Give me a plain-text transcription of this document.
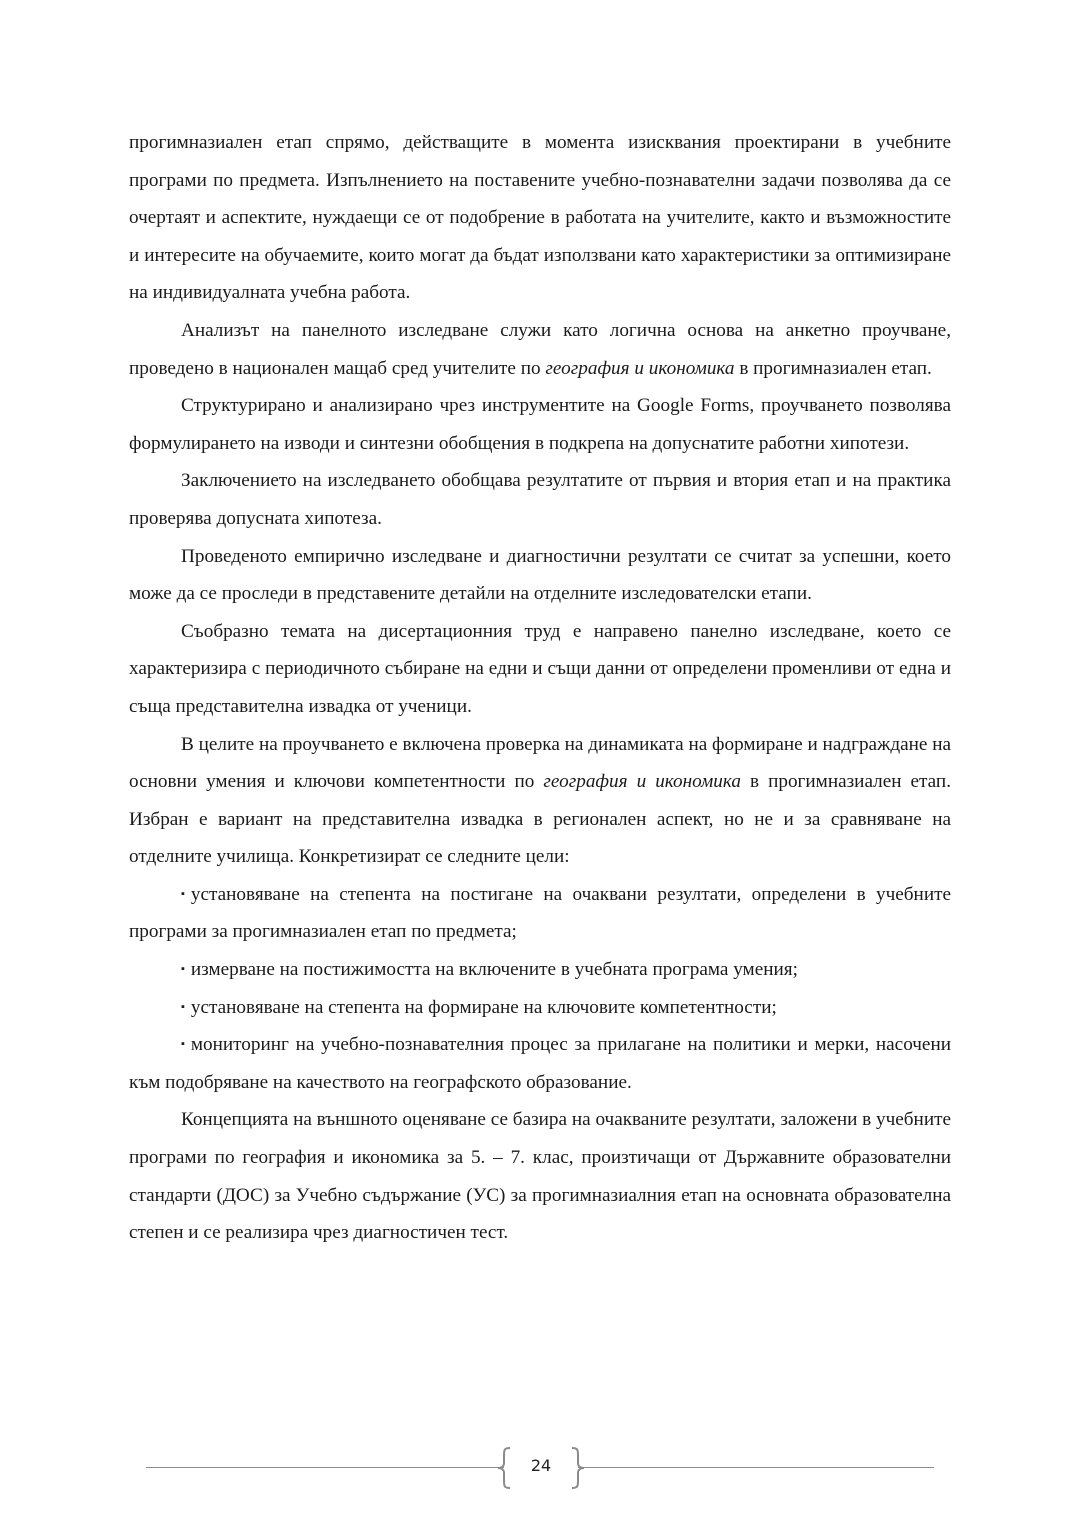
прогимназиален етап спрямо, действащите в момента изисквания проектирани в учебните програми по предмета. Изпълнението на поставените учебно-познавателни задачи позволява да се очертаят и аспектите, нуждаещи се от подобрение в работата на учителите, както и възможностите и интересите на обучаемите, които могат да бъдат използвани като характеристики за оптимизиране на индивидуалната учебна работа.

Анализът на панелното изследване служи като логична основа на анкетно проучване, проведено в национален мащаб сред учителите по география и икономика в прогимназиален етап.

Структурирано и анализирано чрез инструментите на Google Forms, проучването позволява формулирането на изводи и синтезни обобщения в подкрепа на допуснатите работни хипотези.

Заключението на изследването обобщава резултатите от първия и втория етап и на практика проверява допусната хипотеза.

Проведеното емпирично изследване и диагностични резултати се считат за успешни, което може да се проследи в представените детайли на отделните изследователски етапи.

Съобразно темата на дисертационния труд е направено панелно изследване, което се характеризира с периодичното събиране на едни и същи данни от определени променливи от една и съща представителна извадка от ученици.

В целите на проучването е включена проверка на динамиката на формиране и надграждане на основни умения и ключови компетентности по география и икономика в прогимназиален етап. Избран е вариант на представителна извадка в регионален аспект, но не и за сравняване на отделните училища. Конкретизират се следните цели:

▪ установяване на степента на постигане на очаквани резултати, определени в учебните програми за прогимназиален етап по предмета;

▪ измерване на постижимостта на включените в учебната програма умения;

▪ установяване на степента на формиране на ключовите компетентности;

▪ мониторинг на учебно-познавателния процес за прилагане на политики и мерки, насочени към подобряване на качеството на географското образование.

Концепцията на външното оценяване се базира на очакваните резултати, заложени в учебните програми по география и икономика за 5. – 7. клас, произтичащи от Държавните образователни стандарти (ДОС) за Учебно съдържание (УС) за прогимназиалния етап на основната образователна степен и се реализира чрез диагностичен тест.

24
